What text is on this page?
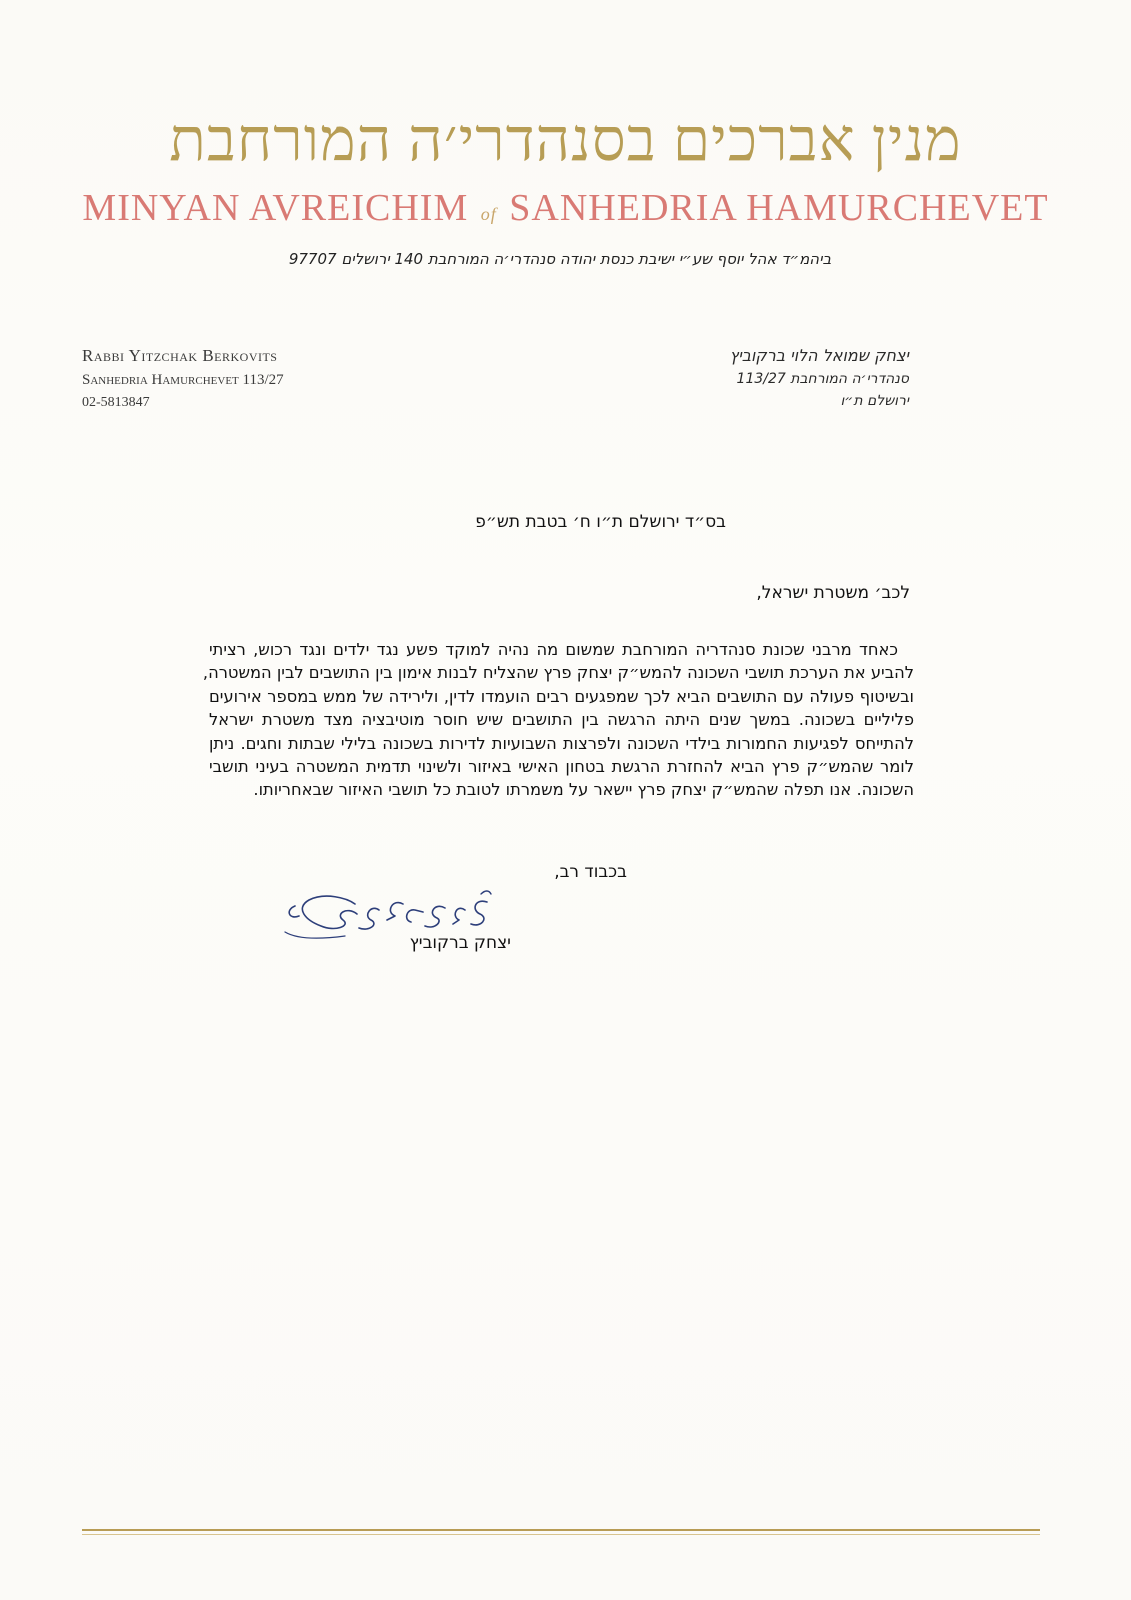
מנין אברכים בסנהדרי׳ה המורחבת
MINYAN AVREICHIM of SANHEDRIA HAMURCHEVET
ביהמ״ד אהל יוסף שע״י ישיבת כנסת יהודה סנהדרי׳ה המורחבת 140 ירושלים 97707
Rabbi Yitzchak Berkovits
Sanhedria Hamurchevet 113/27
02-5813847
יצחק שמואל הלוי ברקוביץ
סנהדרי׳ה המורחבת 113/27
ירושלם ת״ו
בס״ד ירושלם ת״ו ח׳ בטבת תש״פ
לכב׳ משטרת ישראל,
כאחד מרבני שכונת סנהדריה המורחבת שמשום מה נהיה למוקד פשע נגד ילדים ונגד רכוש, רציתי
להביע את הערכת תושבי השכונה להמש״ק יצחק פרץ שהצליח לבנות אימון בין התושבים לבין המשטרה,
ובשיטוף פעולה עם התושבים הביא לכך שמפגעים רבים הועמדו לדין, ולירידה של ממש במספר אירועים
פליליים בשכונה. במשך שנים היתה הרגשה בין התושבים שיש חוסר מוטיבציה מצד משטרת ישראל
להתייחס לפגיעות החמורות בילדי השכונה ולפרצות השבועיות לדירות בשכונה בלילי שבתות וחגים. ניתן
לומר שהמש״ק פרץ הביא להחזרת הרגשת בטחון האישי באיזור ולשינוי תדמית המשטרה בעיני תושבי
השכונה. אנו תפלה שהמש״ק יצחק פרץ יישאר על משמרתו לטובת כל תושבי האיזור שבאחריותו.
בכבוד רב,
יצחק ברקוביץ
